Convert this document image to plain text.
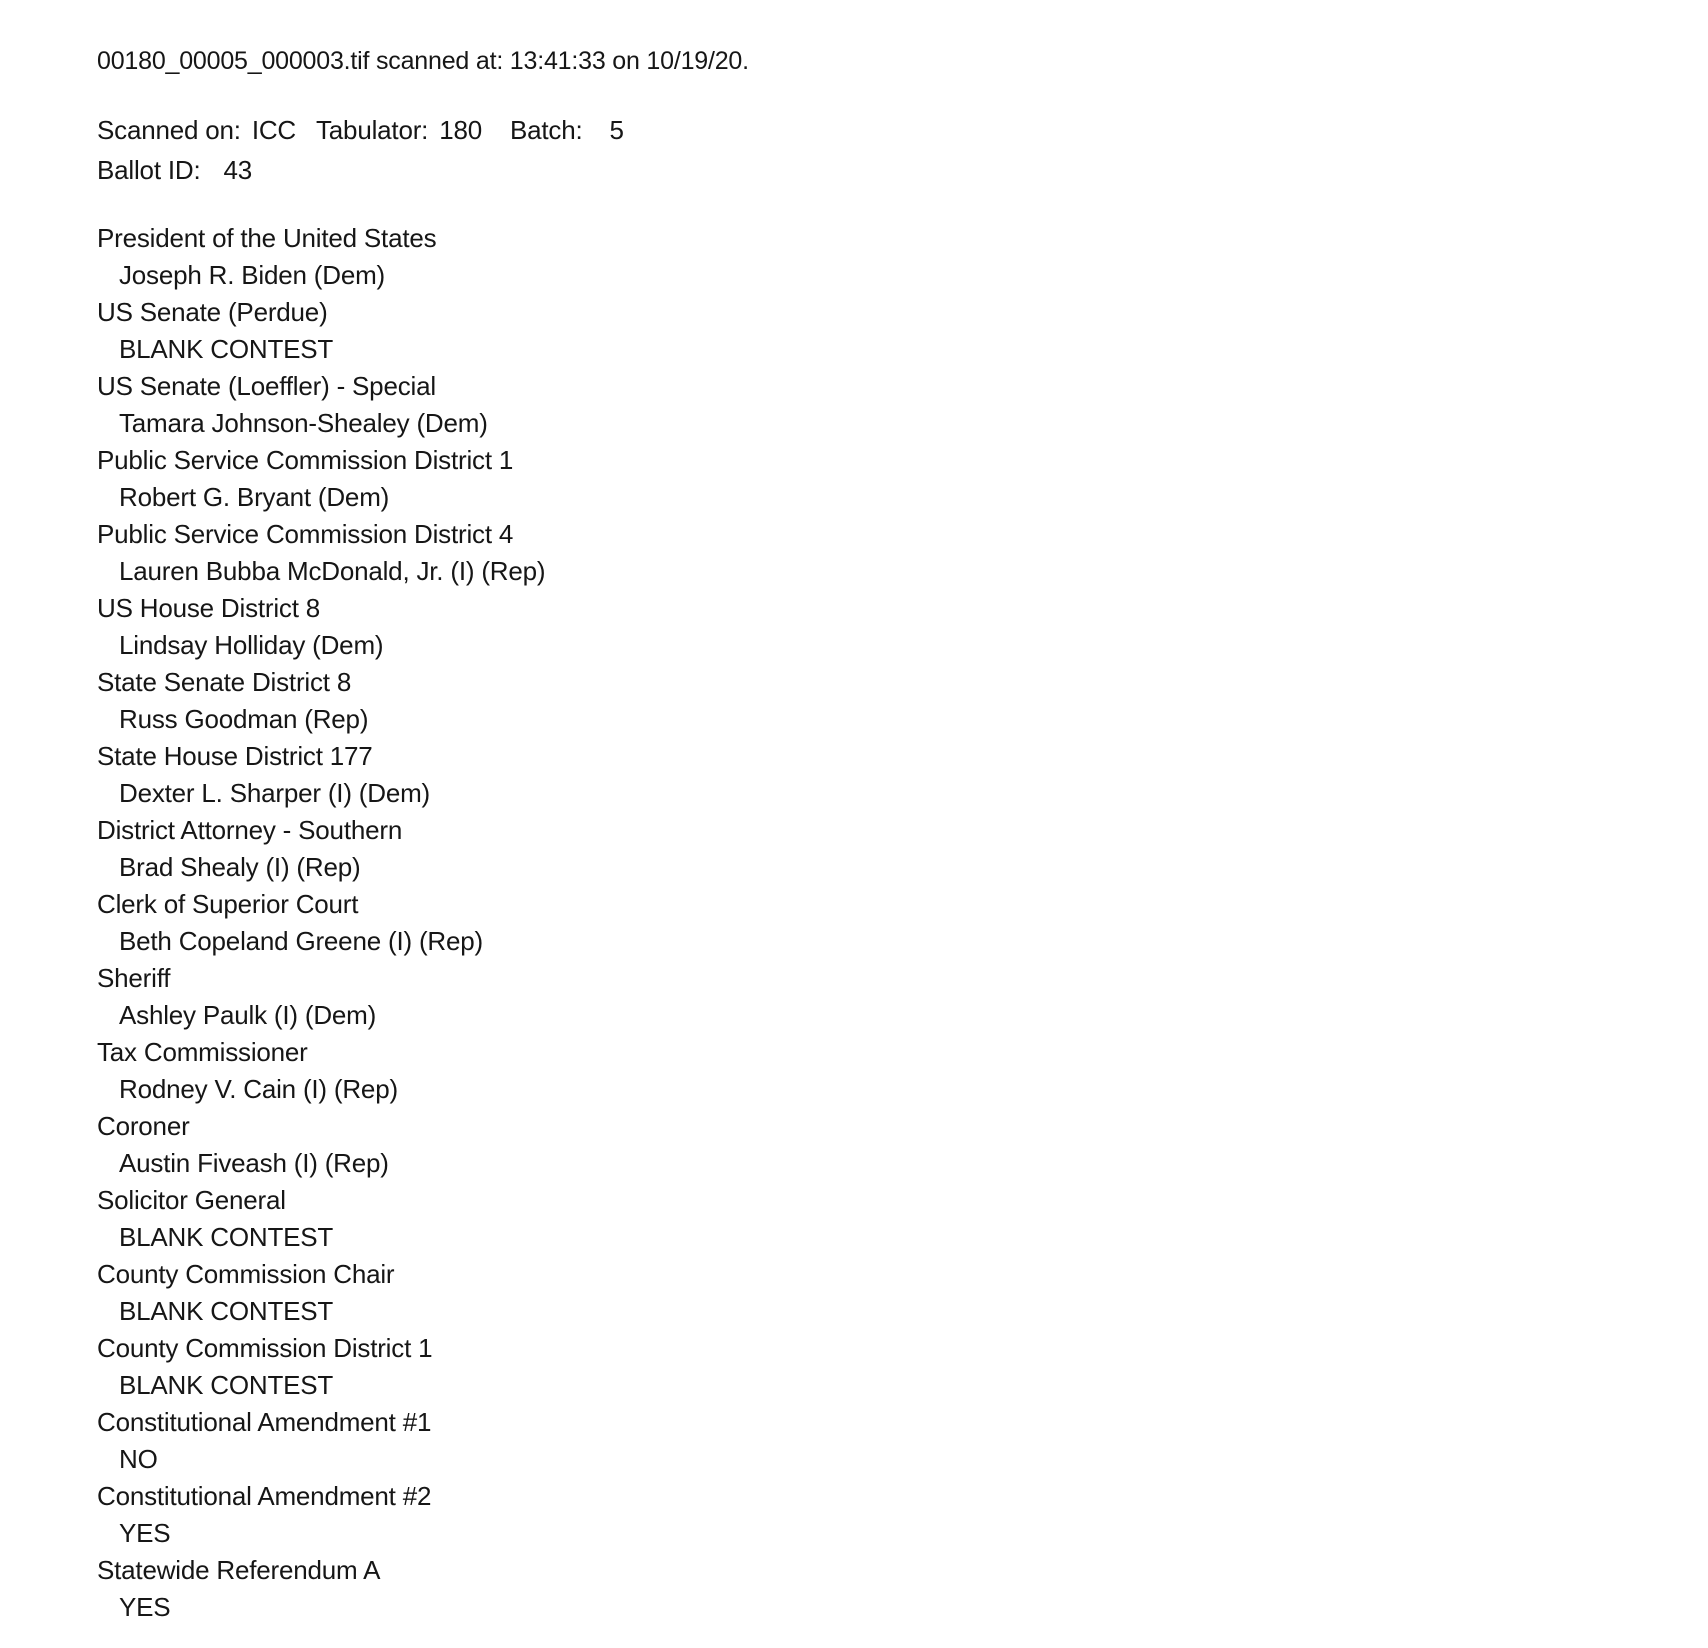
00180_00005_000003.tif scanned at: 13:41:33 on 10/19/20.
Scanned on: ICC Tabulator: 180 Batch: 5
Ballot ID: 43
President of the United States
Joseph R. Biden (Dem)
US Senate (Perdue)
BLANK CONTEST
US Senate (Loeffler) - Special
Tamara Johnson-Shealey (Dem)
Public Service Commission District 1
Robert G. Bryant (Dem)
Public Service Commission District 4
Lauren Bubba McDonald, Jr. (I) (Rep)
US House District 8
Lindsay Holliday (Dem)
State Senate District 8
Russ Goodman (Rep)
State House District 177
Dexter L. Sharper (I) (Dem)
District Attorney - Southern
Brad Shealy (I) (Rep)
Clerk of Superior Court
Beth Copeland Greene (I) (Rep)
Sheriff
Ashley Paulk (I) (Dem)
Tax Commissioner
Rodney V. Cain (I) (Rep)
Coroner
Austin Fiveash (I) (Rep)
Solicitor General
BLANK CONTEST
County Commission Chair
BLANK CONTEST
County Commission District 1
BLANK CONTEST
Constitutional Amendment #1
NO
Constitutional Amendment #2
YES
Statewide Referendum A
YES
